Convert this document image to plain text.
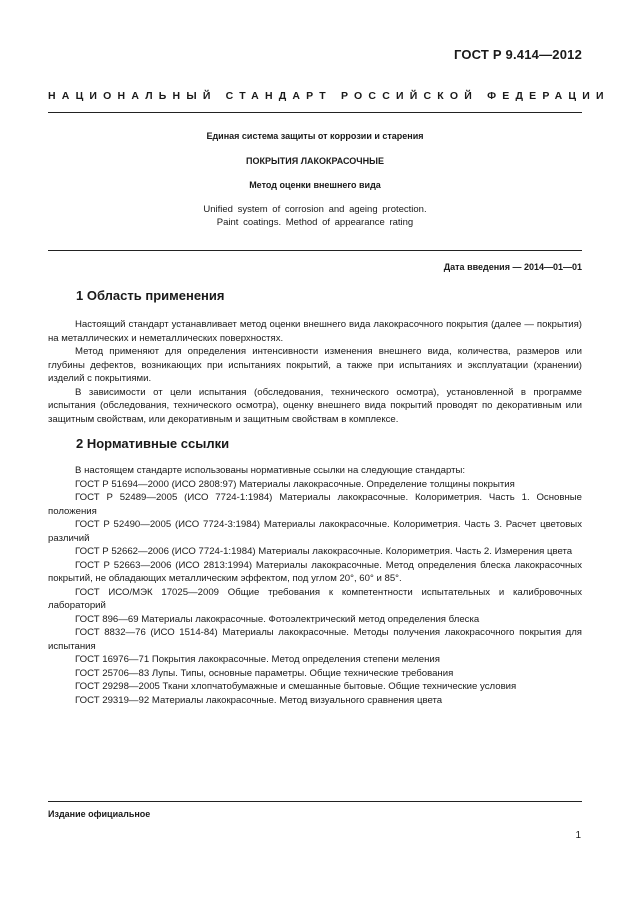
ГОСТ Р 9.414—2012
НАЦИОНАЛЬНЫЙ СТАНДАРТ РОССИЙСКОЙ ФЕДЕРАЦИИ
Единая система защиты от коррозии и старения
ПОКРЫТИЯ ЛАКОКРАСОЧНЫЕ
Метод оценки внешнего вида
Unified system of corrosion and ageing protection.
Paint coatings. Method of appearance rating
Дата введения — 2014—01—01
1 Область применения

Настоящий стандарт устанавливает метод оценки внешнего вида лакокрасочного покрытия (далее — покрытия) на металлических и неметаллических поверхностях.

Метод применяют для определения интенсивности изменения внешнего вида, количества, размеров или глубины дефектов, возникающих при испытаниях покрытий, а также при испытаниях и эксплуатации (хранении) изделий с покрытиями.

В зависимости от цели испытания (обследования, технического осмотра), установленной в программе испытания (обследования, технического осмотра), оценку внешнего вида покрытий проводят по декоративным или защитным свойствам, или декоративным и защитным свойствам в комплексе.

2 Нормативные ссылки

В настоящем стандарте использованы нормативные ссылки на следующие стандарты:

ГОСТ Р 51694—2000 (ИСО 2808:97) Материалы лакокрасочные. Определение толщины покрытия

ГОСТ Р 52489—2005 (ИСО 7724-1:1984) Материалы лакокрасочные. Колориметрия. Часть 1. Основные положения

ГОСТ Р 52490—2005 (ИСО 7724-3:1984) Материалы лакокрасочные. Колориметрия. Часть 3. Расчет цветовых различий

ГОСТ Р 52662—2006 (ИСО 7724-1:1984) Материалы лакокрасочные. Колориметрия. Часть 2. Измерения цвета

ГОСТ Р 52663—2006 (ИСО 2813:1994) Материалы лакокрасочные. Метод определения блеска лакокрасочных покрытий, не обладающих металлическим эффектом, под углом 20°, 60° и 85°.

ГОСТ ИСО/МЭК 17025—2009 Общие требования к компетентности испытательных и калибровочных лабораторий

ГОСТ 896—69 Материалы лакокрасочные. Фотоэлектрический метод определения блеска

ГОСТ 8832—76 (ИСО 1514-84) Материалы лакокрасочные. Методы получения лакокрасочного покрытия для испытания

ГОСТ 16976—71 Покрытия лакокрасочные. Метод определения степени меления

ГОСТ 25706—83 Лупы. Типы, основные параметры. Общие технические требования

ГОСТ 29298—2005 Ткани хлопчатобумажные и смешанные бытовые. Общие технические условия

ГОСТ 29319—92 Материалы лакокрасочные. Метод визуального сравнения цвета

Издание официальное
1
